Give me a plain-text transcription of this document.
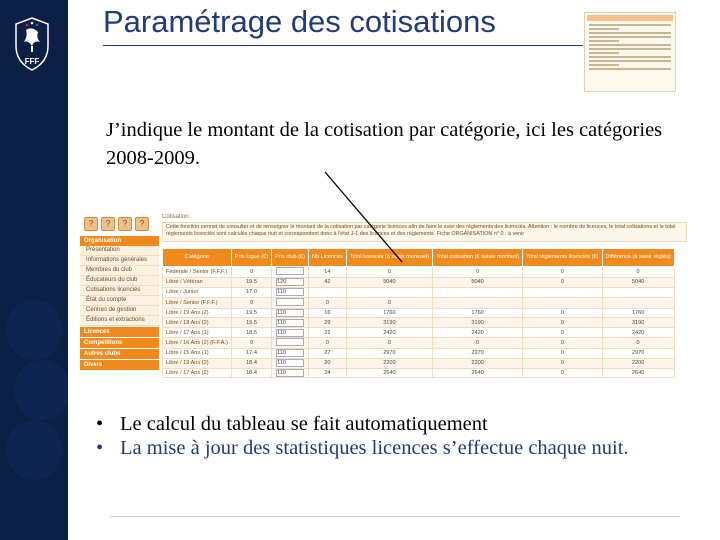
FFF
Paramétrage des cotisations

J’indique le montant de la cotisation par catégorie, ici les catégories 2008-2009.

?	?	?	?
Organisation
Présentation
Informations générales
Membres du club
Éducateurs du club
Cotisations licenciés
État du compte
Centres de gestion
Éditions et extractions
Licences
Compétitions
Autres clubs
Divers
Cotisation
Cette fonction permet de consulter et de renseigner le montant de la cotisation par catégorie licences afin de faire le suivi des règlements des licenciés. Attention : le nombre de licences, le total cotisations et le total règlements licenciés sont calculés chaque nuit et correspondent donc à l'état J-1 des licences et des règlements. Fiche ORGANISATION n° 0 : à venir
Catégorie	Prix Ligue (€)	Prix club (€)	Nb Licences	Total licences (à saisir mensuel)	Total cotisation (€ saisie montant)	Total règlements licenciés (€)	Différence (à saisir règlés)
Fédérale / Senior (F.F.F.)	0		14	0	0	0	0
Libre / Vétéran	19.5	120	42	5040	5040	0	5040
Libre / Junior	17.0	110					
Libre / Senior (F.F.F.)	0		0	0			
Libre / 19 Ans (2)	19.5	110	16	1760	1760	0	1760
Libre / 18 Ans (2)	19.5	110	29	3190	3190	0	3190
Libre / 17 Ans (1)	18.5	110	22	2420	2420	0	2420
Libre / 16 Ans (2) (F.F.A.)	0		0	0	0	0	0
Libre / 15 Ans (1)	17.4	110	27	2970	2970	0	2970
Libre / 19 Ans (2)	18.4	110	20	2200	2200	0	2200
Libre / 17 Ans (2)	18.4	110	24	2640	2640	0	2640
• Le calcul du tableau se fait automatiquement
• La mise à jour des statistiques licences s’effectue chaque nuit.
